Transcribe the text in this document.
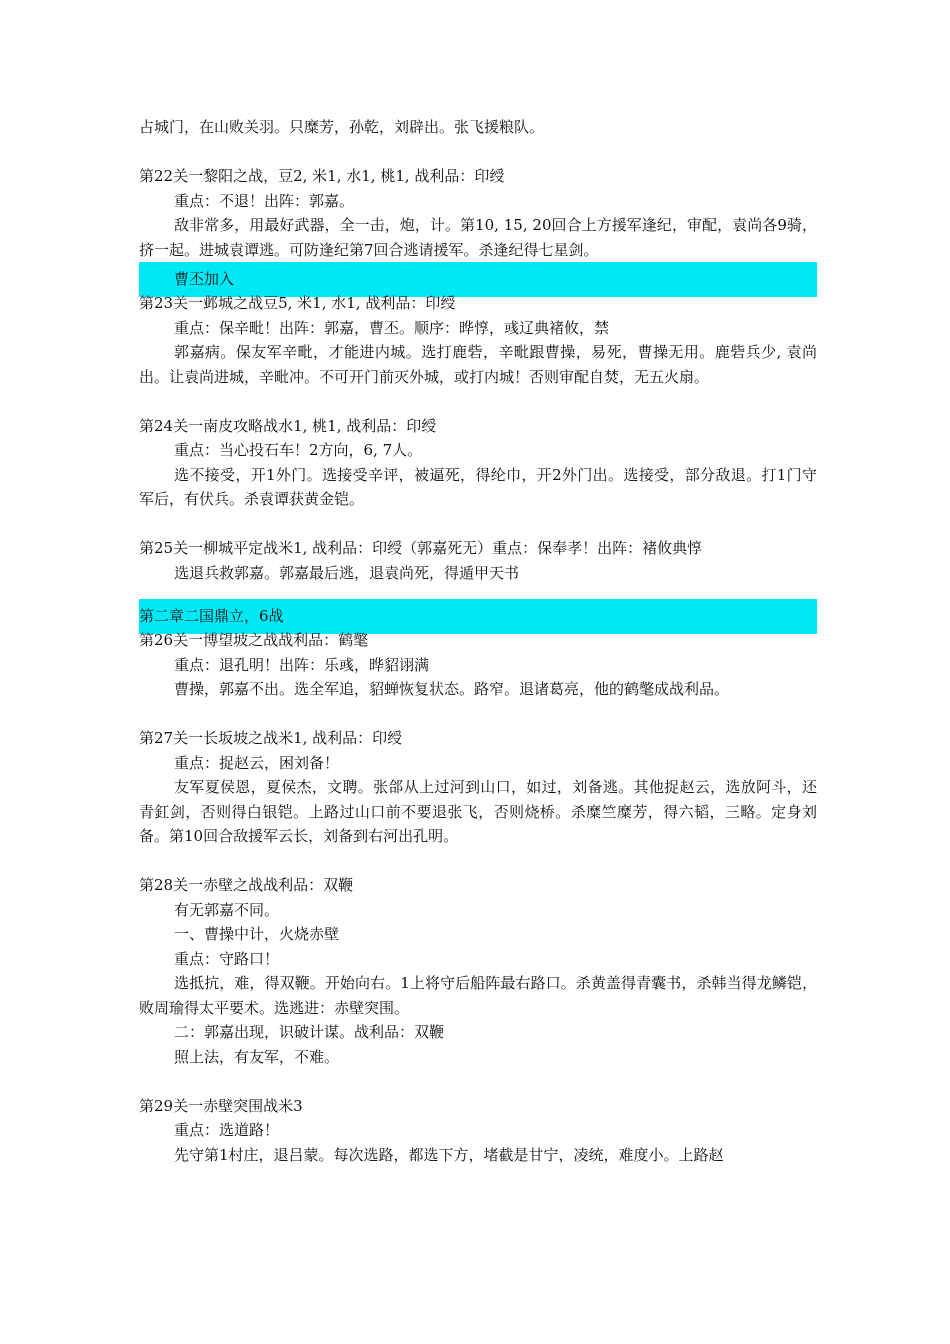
占城门，在山败关羽。只糜芳，孙乾，刘辟出。张飞援粮队。

第22关一黎阳之战，豆2, 米1, 水1, 桃1, 战利品：印绶

重点：不退！出阵：郭嘉。

敌非常多，用最好武器，全一击，炮，计。第10, 15, 20回合上方援军逢纪，审配，袁尚各9骑，挤一起。进城袁谭逃。可防逢纪第7回合逃请援军。杀逢纪得七星剑。

曹丕加入

第23关一邺城之战豆5, 米1, 水1, 战利品：印绶

重点：保辛毗！出阵：郭嘉，曹丕。顺序：晔惇，彧辽典褚攸，禁

郭嘉病。保友军辛毗，才能进内城。选打鹿砦，辛毗跟曹操，易死，曹操无用。鹿砦兵少, 袁尚出。让袁尚进城，辛毗冲。不可开门前灭外城，或打内城！否则审配自焚，无五火扇。

第24关一南皮攻略战水1, 桃1, 战利品：印绶

重点：当心投石车！2方向，6, 7人。

选不接受，开1外门。选接受辛评，被逼死，得纶巾，开2外门出。选接受，部分敌退。打1门守军后，有伏兵。杀袁谭获黄金铠。

第25关一柳城平定战米1, 战利品：印绶（郭嘉死无）重点：保奉孝！出阵：褚攸典惇

选退兵救郭嘉。郭嘉最后逃，退袁尚死，得遁甲天书

第二章二国鼎立，6战

第26关一博望坡之战战利品：鹤氅

重点：退孔明！出阵：乐彧，晔貂诩满

曹操，郭嘉不出。选全军追，貂蝉恢复状态。路窄。退诸葛亮，他的鹤氅成战利品。

第27关一长坂坡之战米1, 战利品：印绶

重点：捉赵云，困刘备！

友军夏侯恩，夏侯杰，文聘。张郃从上过河到山口，如过，刘备逃。其他捉赵云，选放阿斗，还青釭剑，否则得白银铠。上路过山口前不要退张飞，否则烧桥。杀糜竺糜芳，得六韬，三略。定身刘备。第10回合敌援军云长，刘备到右河出孔明。

第28关一赤壁之战战利品：双鞭

有无郭嘉不同。

一、曹操中计，火烧赤壁

重点：守路口！

选抵抗，难，得双鞭。开始向右。1上将守后船阵最右路口。杀黄盖得青囊书，杀韩当得龙鳞铠，败周瑜得太平要术。选逃进：赤壁突围。

二：郭嘉出现，识破计谋。战利品：双鞭

照上法，有友军，不难。

第29关一赤壁突围战米3

重点：选道路！

先守第1村庄，退吕蒙。每次选路，都选下方，堵截是甘宁，凌统，难度小。上路赵
